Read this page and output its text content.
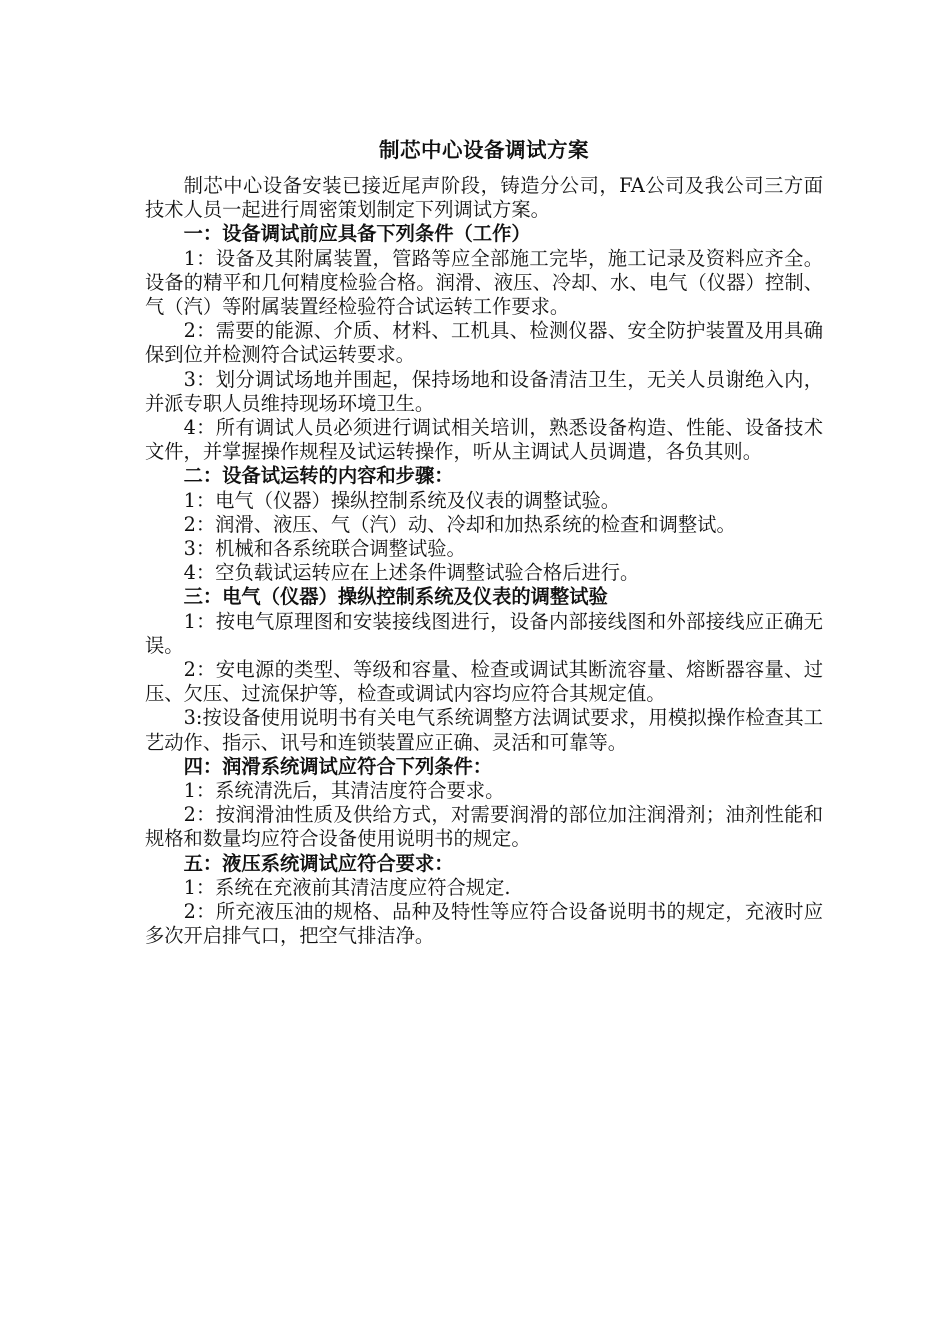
制芯中心设备调试方案

制芯中心设备安装已接近尾声阶段，铸造分公司，FA公司及我公司三方面技术人员一起进行周密策划制定下列调试方案。

一：设备调试前应具备下列条件（工作）

1：设备及其附属装置，管路等应全部施工完毕，施工记录及资料应齐全。设备的精平和几何精度检验合格。润滑、液压、冷却、水、电气（仪器）控制、气（汽）等附属装置经检验符合试运转工作要求。

2：需要的能源、介质、材料、工机具、检测仪器、安全防护装置及用具确保到位并检测符合试运转要求。

3：划分调试场地并围起，保持场地和设备清洁卫生，无关人员谢绝入内，并派专职人员维持现场环境卫生。

4：所有调试人员必须进行调试相关培训，熟悉设备构造、性能、设备技术文件，并掌握操作规程及试运转操作，听从主调试人员调遣，各负其则。

二：设备试运转的内容和步骤：

1：电气（仪器）操纵控制系统及仪表的调整试验。

2：润滑、液压、气（汽）动、冷却和加热系统的检查和调整试。

3：机械和各系统联合调整试验。

4：空负载试运转应在上述条件调整试验合格后进行。

三：电气（仪器）操纵控制系统及仪表的调整试验

1：按电气原理图和安装接线图进行，设备内部接线图和外部接线应正确无误。

2：安电源的类型、等级和容量、检查或调试其断流容量、熔断器容量、过压、欠压、过流保护等，检查或调试内容均应符合其规定值。

3:按设备使用说明书有关电气系统调整方法调试要求，用模拟操作检查其工艺动作、指示、讯号和连锁装置应正确、灵活和可靠等。

四：润滑系统调试应符合下列条件：

1：系统清洗后，其清洁度符合要求。

2：按润滑油性质及供给方式，对需要润滑的部位加注润滑剂；油剂性能和规格和数量均应符合设备使用说明书的规定。

五：液压系统调试应符合要求：

1：系统在充液前其清洁度应符合规定.

2：所充液压油的规格、品种及特性等应符合设备说明书的规定，充液时应多次开启排气口，把空气排洁净。
